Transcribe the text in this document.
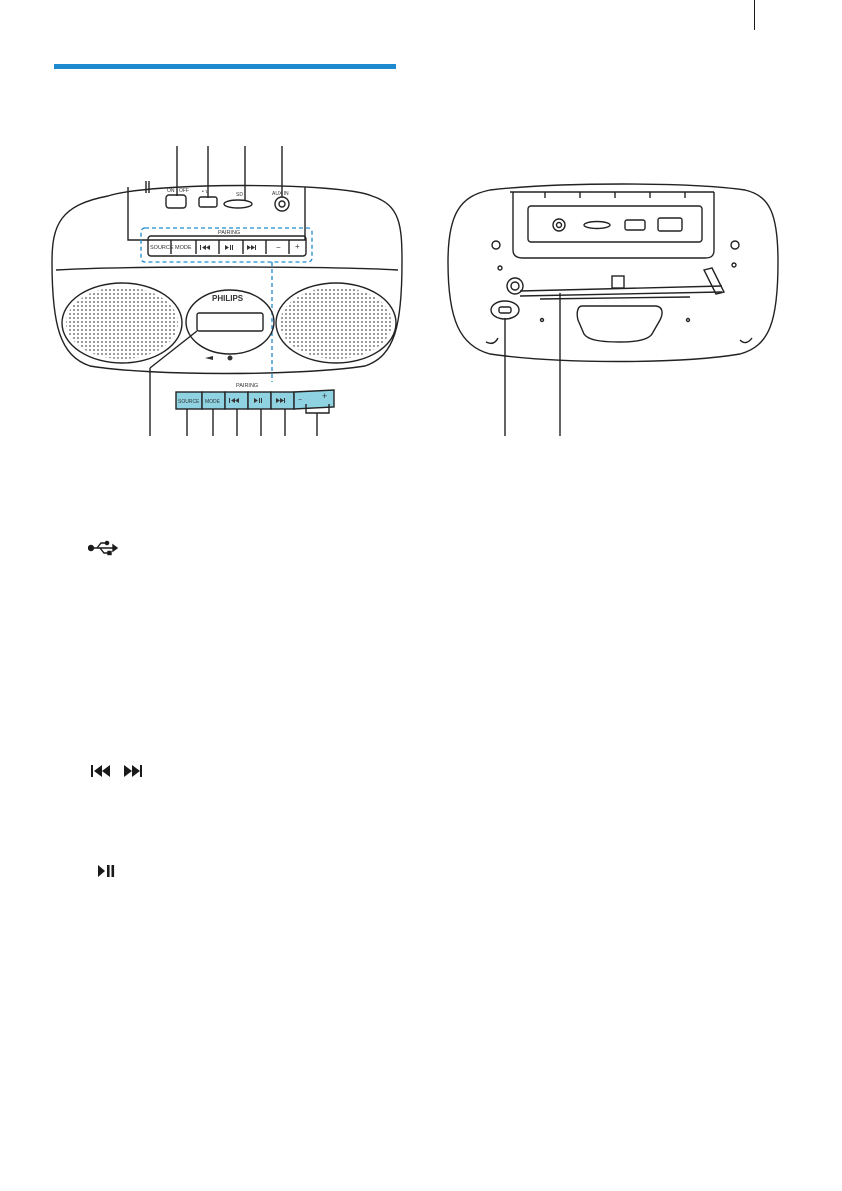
ON · OFF	• ʮ	SD	AUX IN
PAIRING
SOURCE MODE	− +
PHILIPS
PAIRING
SOURCE MODE	− +
